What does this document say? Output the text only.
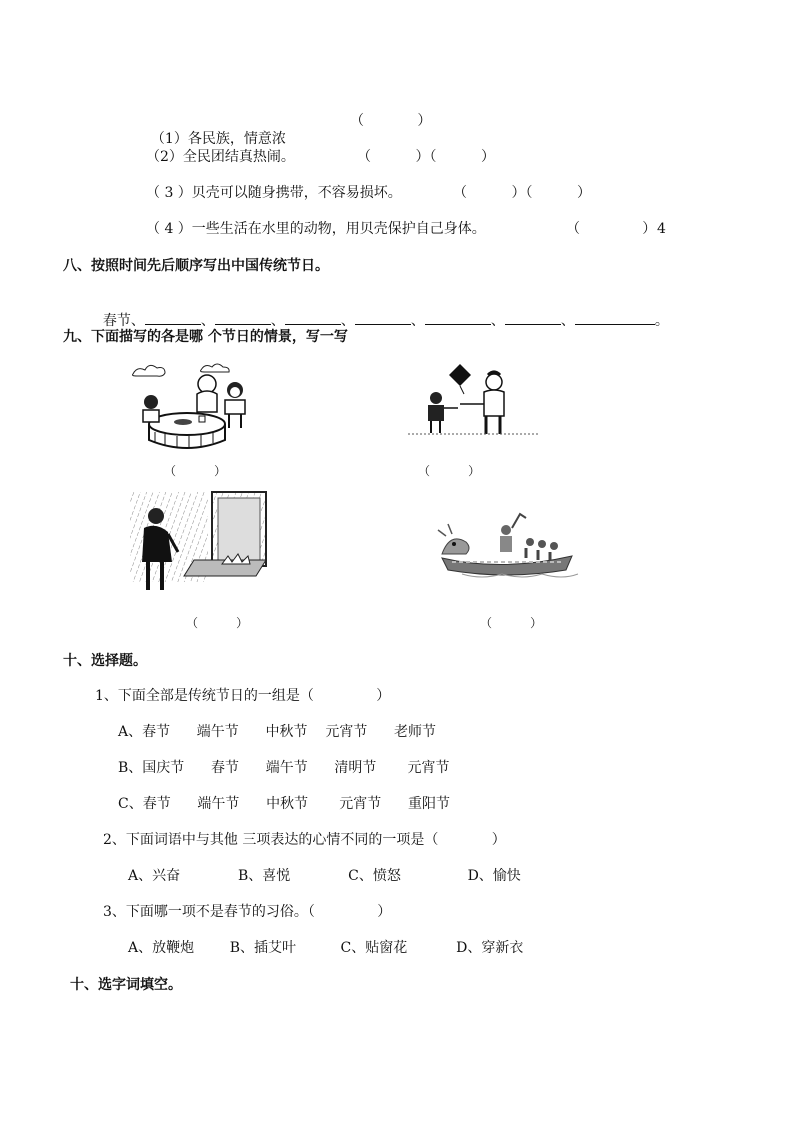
（1）各民族，情意浓

（            ）
（2）全民团结真热闹。	（          ）（          ）
（ 3 ）贝壳可以随身携带，不容易损坏。	（          ）（          ）
（ 4 ）一些生活在水里的动物，用贝壳保护自己身体。	（              ） 4
八、按照时间先后顺序写出中国传统节日。

春节、	、	、	、	、	、	、	。

九、下面描写的各是哪 个节日的情景，写一写
（          ）	（          ）
（          ）	（          ）
十、选择题。
1、下面全部是传统节日的一组是（              ）
A、春节      端午节      中秋节    元宵节      老师节
B、国庆节      春节      端午节      清明节       元宵节
C、春节      端午节      中秋节       元宵节      重阳节
2、下面词语中与其他 三项表达的心情不同的一项是（            ）
A、兴奋             B、喜悦             C、愤怒               D、愉快
3、下面哪一项不是春节的习俗。（              ）
A、放鞭炮        B、插艾叶          C、贴窗花           D、穿新衣
十、选字词填空。
